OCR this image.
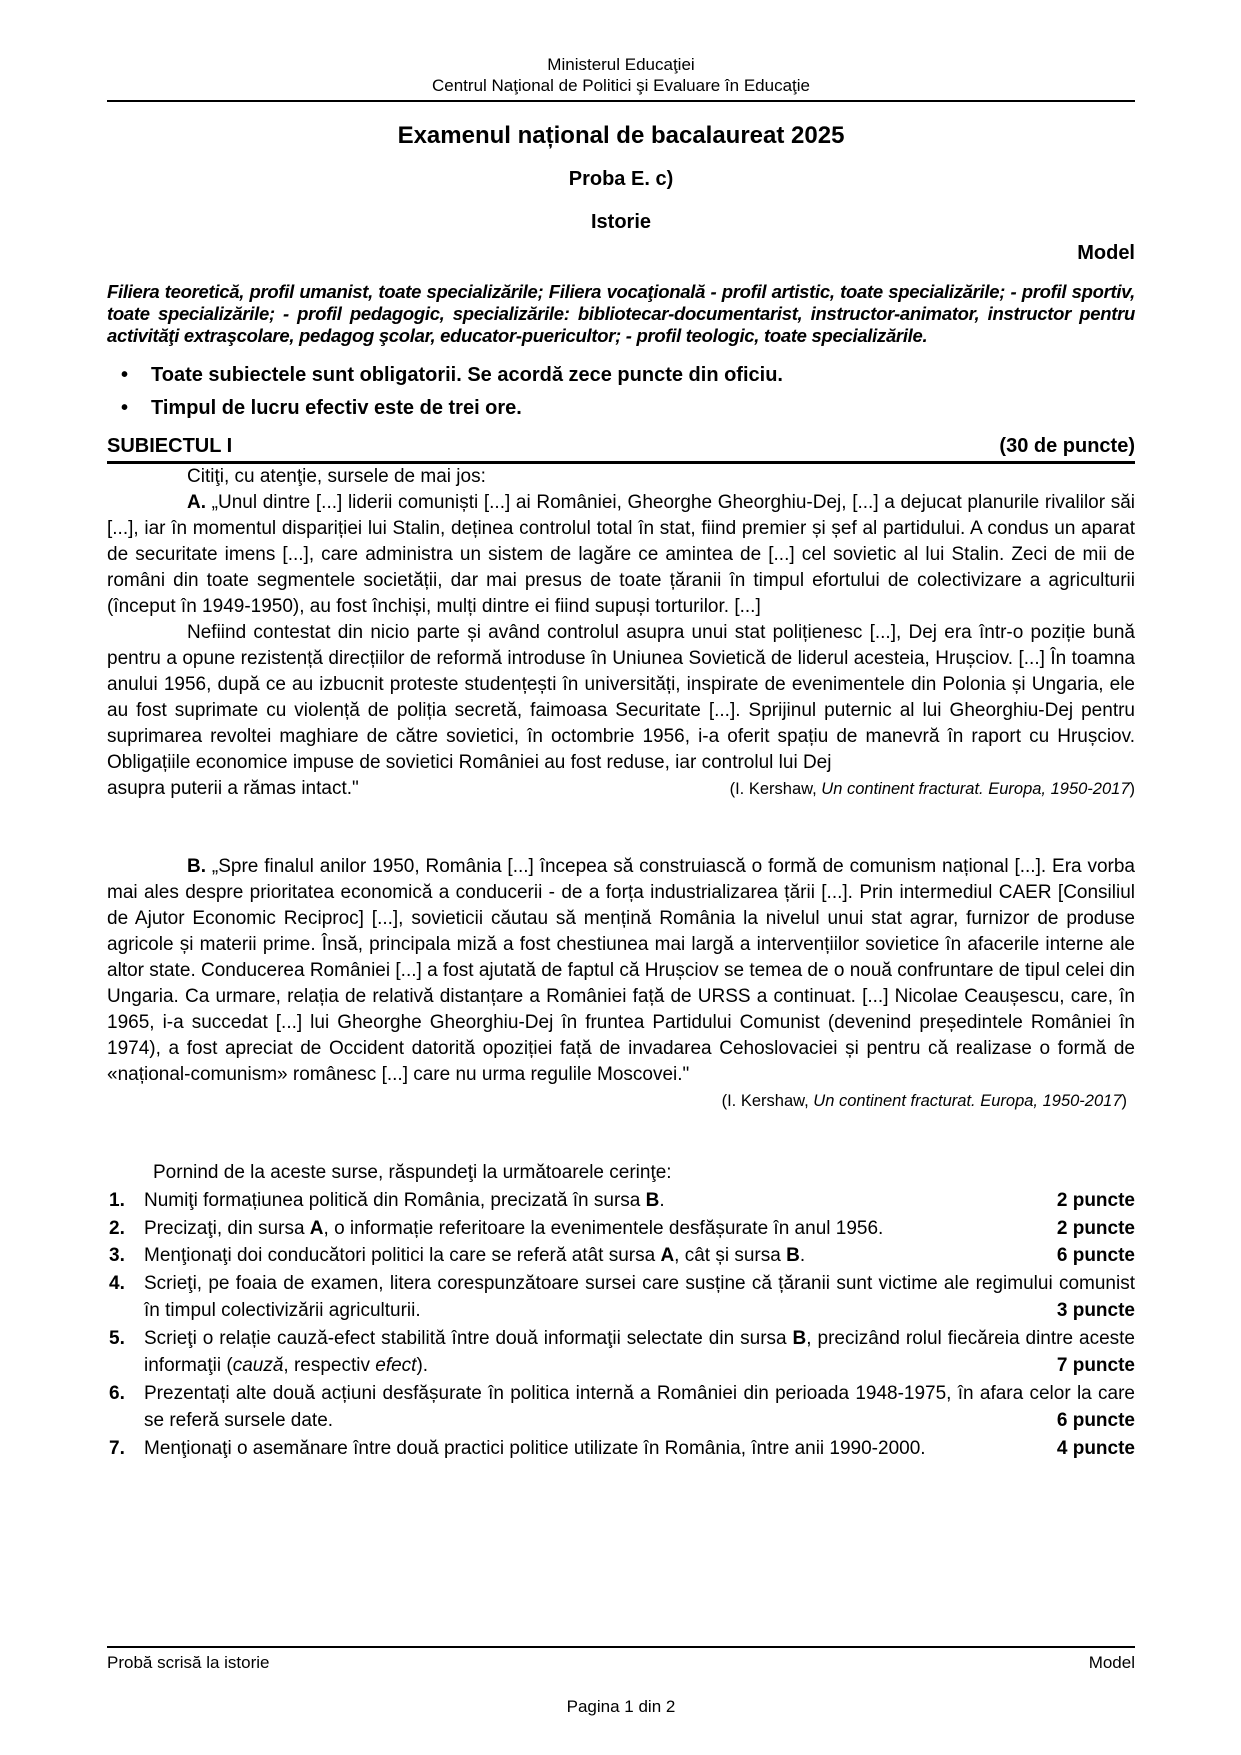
Ministerul Educaţiei
Centrul Naţional de Politici şi Evaluare în Educaţie
Examenul național de bacalaureat 2025
Proba E. c)
Istorie
Model

Filiera teoretică, profil umanist, toate specializările; Filiera vocaţională - profil artistic, toate specializările; - profil sportiv, toate specializările; - profil pedagogic, specializările: bibliotecar-documentarist, instructor-animator, instructor pentru activităţi extraşcolare, pedagog şcolar, educator-puericultor; - profil teologic, toate specializările.

• Toate subiectele sunt obligatorii. Se acordă zece puncte din oficiu.
• Timpul de lucru efectiv este de trei ore.
SUBIECTUL I	(30 de puncte)

Citiţi, cu atenţie, sursele de mai jos:

A. „Unul dintre [...] liderii comuniști [...] ai României, Gheorghe Gheorghiu-Dej, [...] a dejucat planurile rivalilor săi [...], iar în momentul dispariției lui Stalin, deținea controlul total în stat, fiind premier și șef al partidului. A condus un aparat de securitate imens [...], care administra un sistem de lagăre ce amintea de [...] cel sovietic al lui Stalin. Zeci de mii de români din toate segmentele societății, dar mai presus de toate țăranii în timpul efortului de colectivizare a agriculturii (început în 1949-1950), au fost închiși, mulți dintre ei fiind supuși torturilor. [...]

Nefiind contestat din nicio parte și având controlul asupra unui stat polițienesc [...], Dej era într-o poziție bună pentru a opune rezistență direcțiilor de reformă introduse în Uniunea Sovietică de liderul acesteia, Hrușciov. [...] În toamna anului 1956, după ce au izbucnit proteste studențești în universități, inspirate de evenimentele din Polonia și Ungaria, ele au fost suprimate cu violență de poliția secretă, faimoasa Securitate [...]. Sprijinul puternic al lui Gheorghiu-Dej pentru suprimarea revoltei maghiare de către sovietici, în octombrie 1956, i-a oferit spațiu de manevră în raport cu Hrușciov. Obligațiile economice impuse de sovietici României au fost reduse, iar controlul lui Dej

asupra puterii a rămas intact."	(I. Kershaw, Un continent fracturat. Europa, 1950-2017)

B. „Spre finalul anilor 1950, România [...] începea să construiască o formă de comunism național [...]. Era vorba mai ales despre prioritatea economică a conducerii - de a forța industrializarea țării [...]. Prin intermediul CAER [Consiliul de Ajutor Economic Reciproc] [...], sovieticii căutau să mențină România la nivelul unui stat agrar, furnizor de produse agricole și materii prime. Însă, principala miză a fost chestiunea mai largă a intervențiilor sovietice în afacerile interne ale altor state. Conducerea României [...] a fost ajutată de faptul că Hrușciov se temea de o nouă confruntare de tipul celei din Ungaria. Ca urmare, relația de relativă distanțare a României față de URSS a continuat. [...] Nicolae Ceaușescu, care, în 1965, i-a succedat [...] lui Gheorghe Gheorghiu-Dej în fruntea Partidului Comunist (devenind președintele României în 1974), a fost apreciat de Occident datorită opoziției față de invadarea Cehoslovaciei și pentru că realizase o formă de «național-comunism» românesc [...] care nu urma regulile Moscovei."

(I. Kershaw, Un continent fracturat. Europa, 1950-2017)

Pornind de la aceste surse, răspundeţi la următoarele cerinţe:

1. Numiţi formațiunea politică din România, precizată în sursa B.	2 puncte
2. Precizaţi, din sursa A, o informație referitoare la evenimentele desfășurate în anul 1956.	2 puncte
3. Menţionaţi doi conducători politici la care se referă atât sursa A, cât și sursa B.	6 puncte
4. Scrieţi, pe foaia de examen, litera corespunzătoare sursei care susține că țăranii sunt victime ale regimului comunist în timpul colectivizării agriculturii.	3 puncte
5. Scrieţi o relație cauză-efect stabilită între două informaţii selectate din sursa B, precizând rolul fiecăreia dintre aceste informaţii (cauză, respectiv efect).	7 puncte
6. Prezentați alte două acțiuni desfășurate în politica internă a României din perioada 1948-1975, în afara celor la care se referă sursele date.	6 puncte
7. Menţionaţi o asemănare între două practici politice utilizate în România, între anii 1990-2000.	4 puncte
Probă scrisă la istorie	Model
Pagina 1 din 2
